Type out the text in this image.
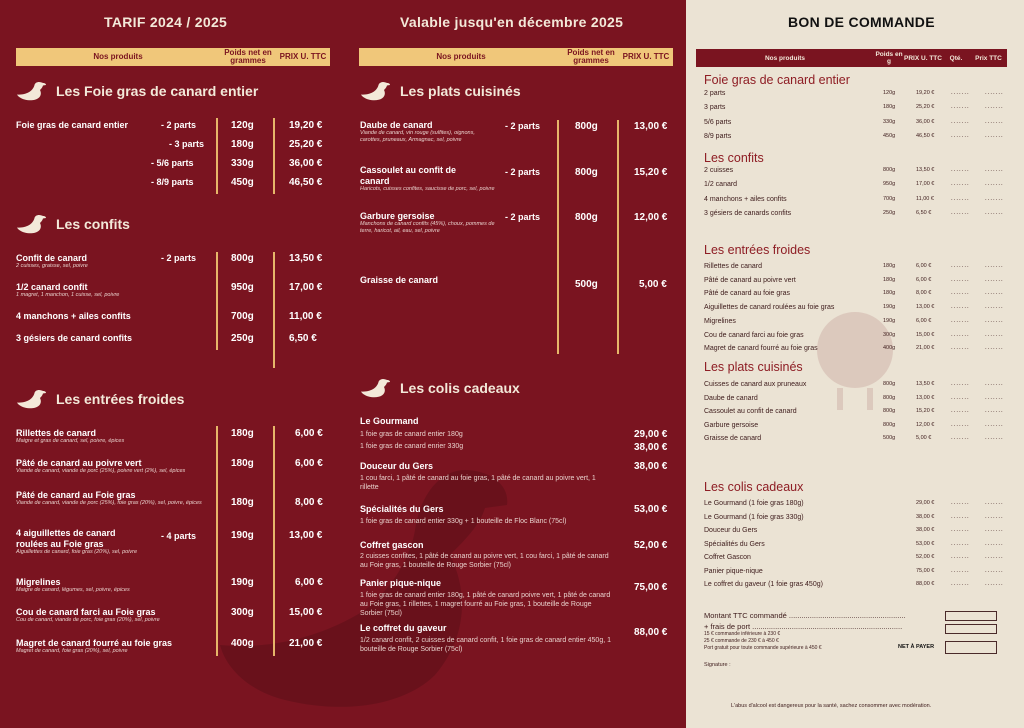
TARIF 2024 / 2025	Valable jusqu'en décembre 2025	BON DE COMMANDE
Nos produits	Poids net en grammes	PRIX U. TTC	Nos produits	Poids net en grammes	PRIX U. TTC
Les Foie gras de canard entier
Foie gras de canard entier	- 2 parts	120g	19,20 €
- 3 parts	180g	25,20 €
- 5/6 parts	330g	36,00 €
- 8/9 parts	450g	46,50 €
Les confits
Confit de canard
2 cuisses, graisse, sel, poivre
- 2 parts	800g	13,50 €
1/2 canard confit
1 magret, 1 manchon, 1 cuisse, sel, poivre
950g	17,00 €
4 manchons + ailes confits	700g	11,00 €
3 gésiers de canard confits	250g	6,50 €
Les entrées froides
Rillettes de canard
Maigre et gras de canard, sel, poivre, épices
180g	6,00 €
Pâté de canard au poivre vert
Viande de canard, viande de porc (25%), poivre vert (2%), sel, épices
180g	6,00 €
Pâté de canard au Foie gras
Viande de canard, viande de porc (25%), foie gras (20%), sel, poivre, épices	180g	8,00 €
4 aiguillettes de canard roulées au Foie gras
Aiguillettes de canard, foie gras (20%), sel, poivre
- 4 parts	190g	13,00 €
Migrelines
Maigre de canard, légumes, sel, poivre, épices
190g	6,00 €
Cou de canard farci au Foie gras
Cou de canard, viande de porc, foie gras (20%), sel, poivre
300g	15,00 €
Magret de canard fourré au foie gras
Magret de canard, foie gras (20%), sel, poivre
400g	21,00 €
Les plats cuisinés
Daube de canard
Viande de canard, vin rouge (sulfites), oignons, carottes, pruneaux, Armagnac, sel, poivre
- 2 parts	800g	13,00 €
Cassoulet au confit de canard
Haricots, cuisses confites, saucisse de porc, sel, poivre
- 2 parts	800g	15,20 €
Garbure gersoise
Manchons de canard confits (45%), choux, pommes de terre, haricot, ail, eau, sel, poivre
- 2 parts	800g	12,00 €
Graisse de canard	500g	5,00 €
Les colis cadeaux
Le Gourmand
1 foie gras de canard entier 180g
1 foie gras de canard enrier 330g
29,00 €
38,00 €
Douceur du Gers
1 cou farci, 1 pâté de canard au foie gras, 1 pâté de canard au poivre vert, 1 rillette
38,00 €
Spécialités du Gers
1 foie gras de canard entier 330g + 1 bouteille de Floc Blanc (75cl)
53,00 €
Coffret gascon
2 cuisses confites, 1 pâté de canard au poivre vert, 1 cou farci, 1 pâté de canard au Foie gras, 1 bouteille de Rouge Sorbier (75cl)
52,00 €
Panier pique-nique
1 foie gras de canard entier 180g, 1 pâté de canard poivre vert, 1 pâté de canard au Foie gras, 1 rillettes, 1 magret fourré au Foie gras, 1 bouteille de Rouge Sorbier (75cl)
75,00 €
Le coffret du gaveur
1/2 canard confit, 2 cuisses de canard confit, 1 foie gras de canard entier 450g, 1 bouteille de Rouge Sorbier (75cl)
88,00 €
Nos produits	Poids en g	PRIX U. TTC	Qté.	Prix TTC
Foie gras de canard entier
2 parts	120g	19,20 €	.......	.......
3 parts	180g	25,20 €	.......	.......
5/6 parts	330g	36,00 €	.......	.......
8/9 parts	450g	46,50 €	.......	.......
Les confits
2 cuisses	800g	13,50 €	.......	.......
1/2 canard	950g	17,00 €	.......	.......
4 manchons + ailes confits	700g	11,00 €	.......	.......
3 gésiers de canards confits	250g	6,50 €	.......	.......
Les entrées froides
Rillettes de canard	180g	6,00 €	.......	.......
Pâté de canard au poivre vert	180g	6,00 €	.......	.......
Pâté de canard au foie gras	180g	8,00 €	.......	.......
Aiguillettes de canard roulées au foie gras	190g	13,00 €	.......	.......
Migrelines	190g	6,00 €	.......	.......
Cou de canard farci au foie gras	300g	15,00 €	.......	.......
Magret de canard fourré au foie gras	400g	21,00 €	.......	.......
Les plats cuisinés
Cuisses de canard aux pruneaux	800g	13,50 €	.......	.......
Daube de canard	800g	13,00 €	.......	.......
Cassoulet au confit de canard	800g	15,20 €	.......	.......
Garbure gersoise	800g	12,00 €	.......	.......
Graisse de canard	500g	5,00 €	.......	.......
Les colis cadeaux
Le Gourmand (1 foie gras 180g)	29,00 €	.......	.......
Le Gourmand (1 foie gras 330g)	38,00 €	.......	.......
Douceur du Gers	38,00 €	.......	.......
Spécialités du Gers	53,00 €	.......	.......
Coffret Gascon	52,00 €	.......	.......
Panier pique-nique	75,00 €	.......	.......
Le coffret du gaveur (1 foie gras 450g)	88,00 €	.......	.......
Montant TTC commandé ........................................................
+ frais de port ........................................................................
15 € commande inférieure à 230 €
25 € commande de 230 € à 450 €
Port gratuit pour toute commande supérieure à 450 €	NET À PAYER
Signature :
L'abus d'alcool est dangereux pour la santé, sachez consommer avec modération.
